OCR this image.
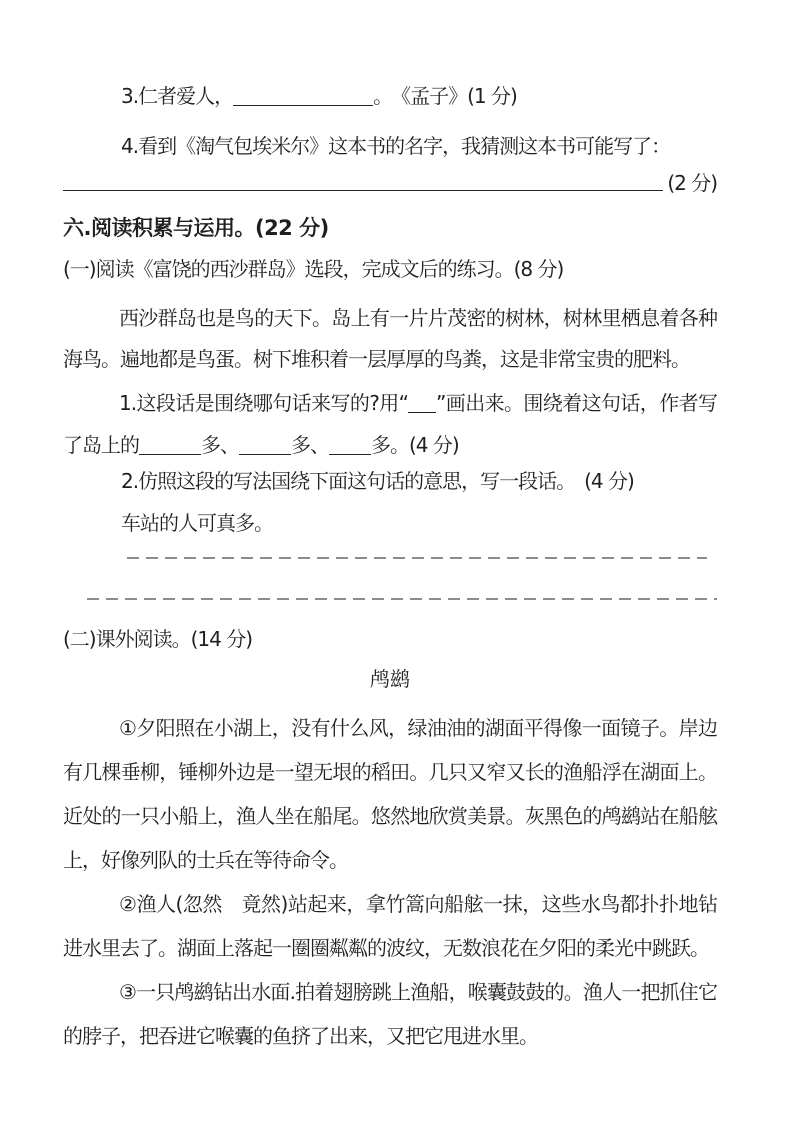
3.仁者爱人，	。　《孟子》(1 分)
4.看到《淘气包埃米尔》这本书的名字，我猜测这本书可能写了：
(2 分)
六.阅读积累与运用。(22 分)
(一)阅读《富饶的西沙群岛》选段，完成文后的练习。(8 分)
西沙群岛也是鸟的天下。岛上有一片片茂密的树林，树林里栖息着各种海鸟。遍地都是鸟蛋。树下堆积着一层厚厚的鸟粪，这是非常宝贵的肥料。
1.这段话是围绕哪句话来写的?用“ ”画出来。围绕着这句话，作者写了岛上的	多、	多、 多。(4 分)
2.仿照这段的写法国绕下面这句话的意思，写一段话。　(4 分)
车站的人可真多。
(二)课外阅读。(14 分)
鸬鹚
①夕阳照在小湖上，没有什么风，绿油油的湖面平得像一面镜子。岸边有几棵垂柳，锤柳外边是一望无垠的稻田。几只又窄又长的渔船浮在湖面上。近处的一只小船上，渔人坐在船尾。悠然地欣赏美景。灰黑色的鸬鹚站在船舷上，好像列队的士兵在等待命令。
②渔人(忽然　竟然)站起来，拿竹篙向船舷一抹，这些水鸟都扑扑地钻进水里去了。湖面上落起一圈圈粼粼的波纹，无数浪花在夕阳的柔光中跳跃。
③一只鸬鹚钻出水面.拍着翅膀跳上渔船，喉囊鼓鼓的。渔人一把抓住它的脖子，把吞进它喉囊的鱼挤了出来，又把它甩进水里。
